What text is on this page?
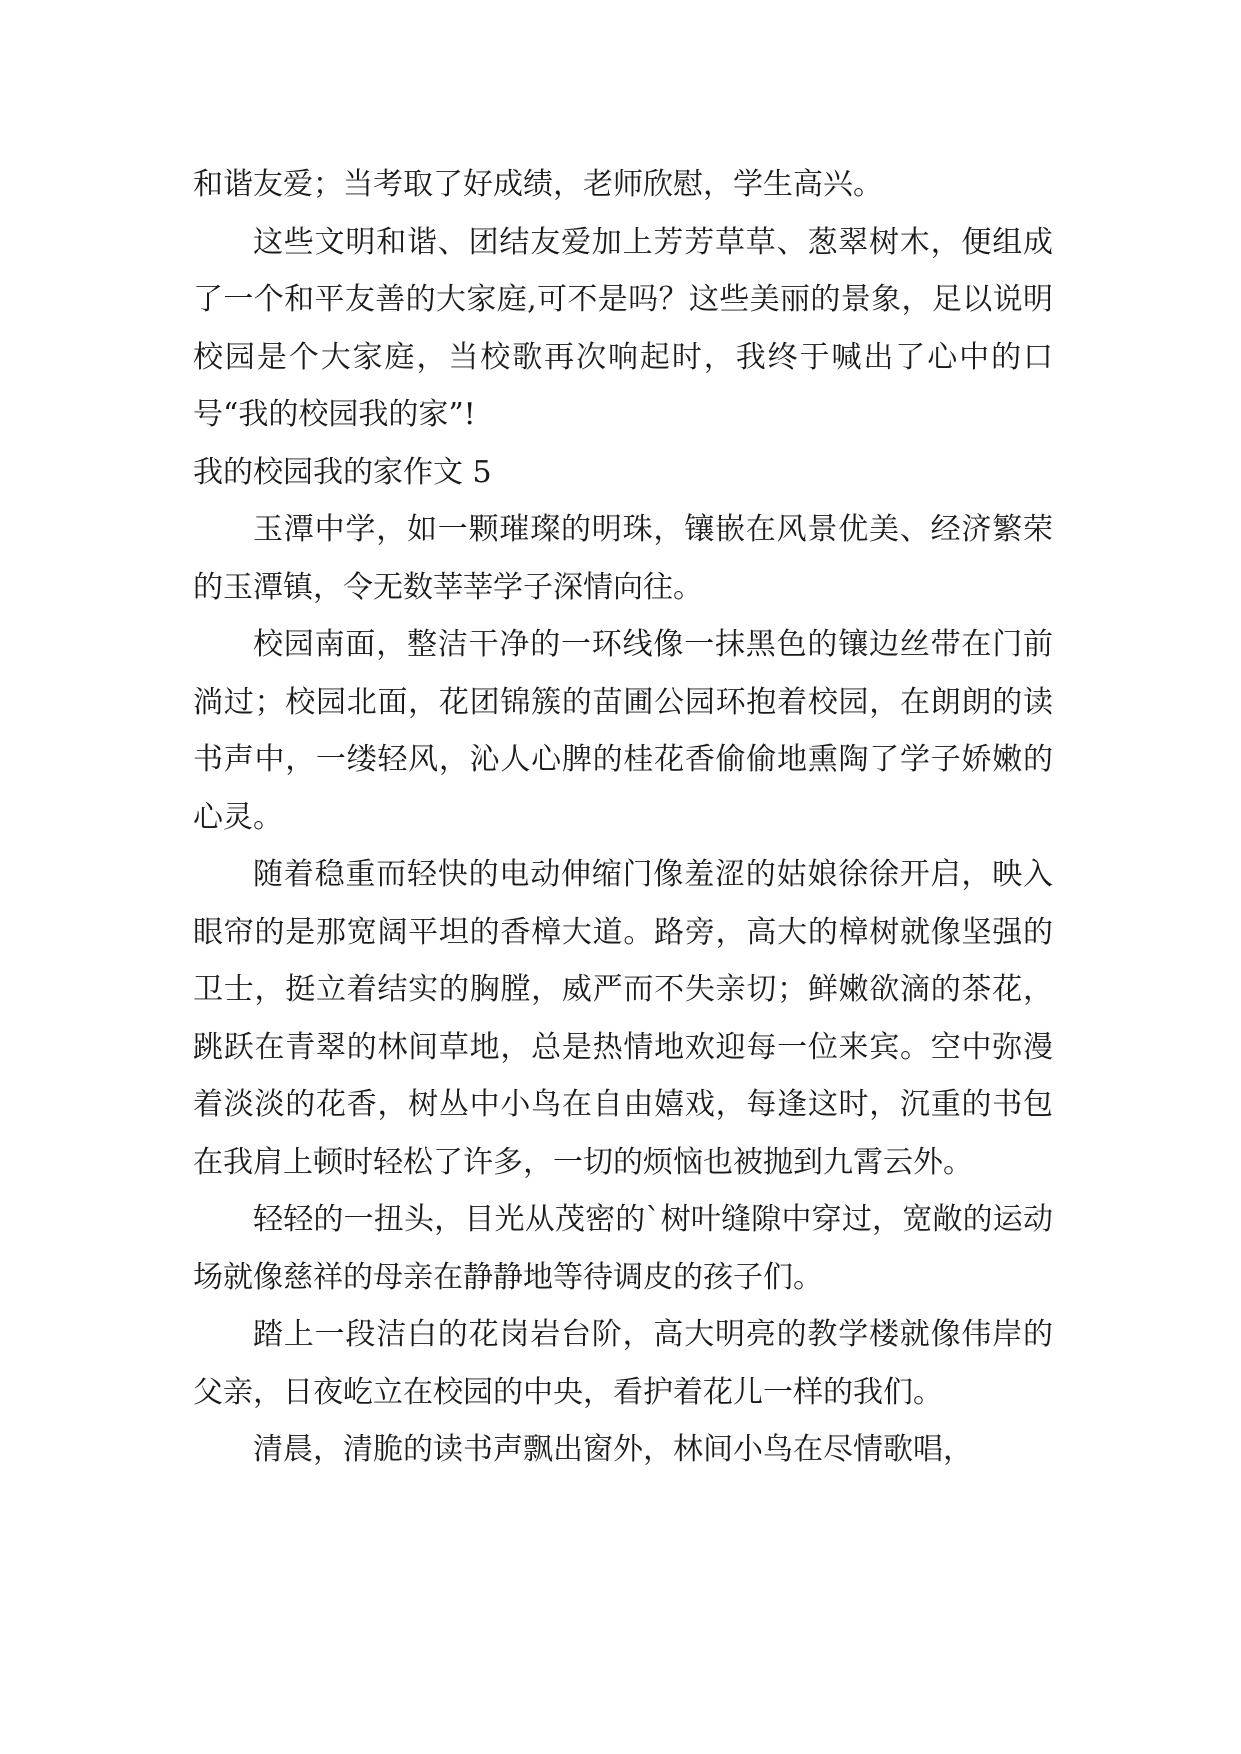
和谐友爱；当考取了好成绩，老师欣慰，学生高兴。

这些文明和谐、团结友爱加上芳芳草草、葱翠树木，便组成了一个和平友善的大家庭,可不是吗？这些美丽的景象，足以说明校园是个大家庭，当校歌再次响起时，我终于喊出了心中的口号“我的校园我的家”!

我的校园我的家作文 5

玉潭中学，如一颗璀璨的明珠，镶嵌在风景优美、经济繁荣的玉潭镇，令无数莘莘学子深情向往。

校园南面，整洁干净的一环线像一抹黑色的镶边丝带在门前淌过；校园北面，花团锦簇的苗圃公园环抱着校园，在朗朗的读书声中，一缕轻风，沁人心脾的桂花香偷偷地熏陶了学子娇嫩的心灵。

随着稳重而轻快的电动伸缩门像羞涩的姑娘徐徐开启，映入眼帘的是那宽阔平坦的香樟大道。路旁，高大的樟树就像坚强的卫士，挺立着结实的胸膛，威严而不失亲切；鲜嫩欲滴的茶花，跳跃在青翠的林间草地，总是热情地欢迎每一位来宾。空中弥漫着淡淡的花香，树丛中小鸟在自由嬉戏，每逢这时，沉重的书包在我肩上顿时轻松了许多，一切的烦恼也被抛到九霄云外。

轻轻的一扭头，目光从茂密的`树叶缝隙中穿过，宽敞的运动场就像慈祥的母亲在静静地等待调皮的孩子们。

踏上一段洁白的花岗岩台阶，高大明亮的教学楼就像伟岸的父亲，日夜屹立在校园的中央，看护着花儿一样的我们。

清晨，清脆的读书声飘出窗外，林间小鸟在尽情歌唱，
